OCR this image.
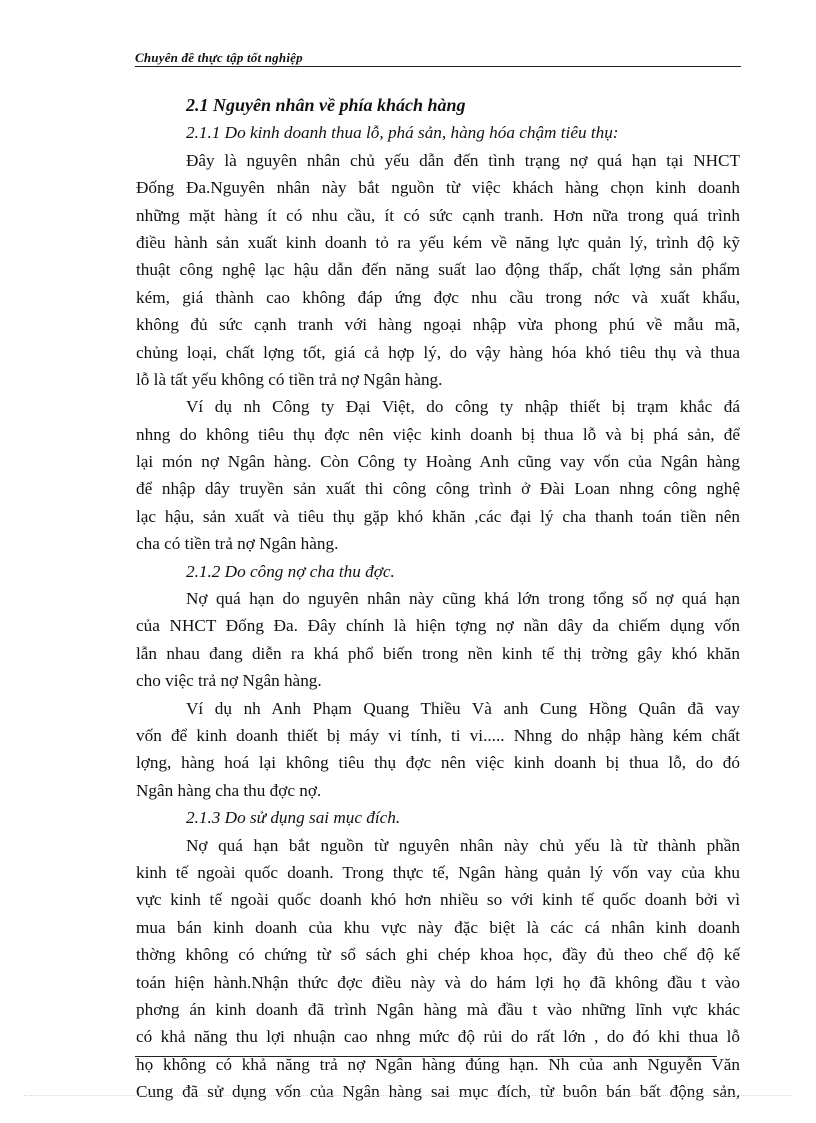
Chuyên đề thực tập tốt nghiệp
2.1 Nguyên nhân về phía khách hàng
2.1.1 Do kinh doanh thua lỗ, phá sản, hàng hóa chậm tiêu thụ:
Đây là nguyên nhân chủ yếu dẫn đến tình trạng nợ quá hạn tại NHCT
Đống Đa.Nguyên nhân này bắt nguồn từ việc khách hàng chọn kinh doanh
những mặt hàng ít có nhu cầu, ít có sức cạnh tranh. Hơn nữa trong quá trình
điều hành sản xuất kinh doanh tỏ ra yếu kém về năng lực quản lý, trình độ kỹ
thuật công nghệ lạc hậu dẫn đến năng suất lao động thấp, chất lợng sản phẩm
kém, giá thành cao không đáp ứng đợc nhu cầu trong nớc và xuất khẩu,
không đủ sức cạnh tranh với hàng ngoại nhập vừa phong phú về mẫu mã,
chủng loại, chất lợng tốt, giá cả hợp lý, do vậy hàng hóa khó tiêu thụ và thua
lỗ là tất yếu không có tiền trả nợ Ngân hàng.
Ví dụ nh Công ty Đại Việt, do công ty nhập thiết bị trạm khắc đá
nhng do không tiêu thụ đợc nên việc kinh doanh bị thua lỗ và bị phá sản, để
lại món nợ Ngân hàng. Còn Công ty Hoàng Anh cũng vay vốn của Ngân hàng
để nhập dây truyền sản xuất thi công công trình ở Đài Loan nhng công nghệ
lạc hậu, sản xuất và tiêu thụ gặp khó khăn ,các đại lý cha thanh toán tiền nên
cha có tiền trả nợ Ngân hàng.
2.1.2 Do công nợ cha thu đợc.
Nợ quá hạn do nguyên nhân này cũng khá lớn trong tổng số nợ quá hạn
của NHCT Đống Đa. Đây chính là hiện tợng nợ nần dây da chiếm dụng vốn
lẫn nhau đang diễn ra khá phổ biến trong nền kinh tế thị trờng gây khó khăn
cho việc trả nợ Ngân hàng.
Ví dụ nh Anh Phạm Quang Thiều Và anh Cung Hồng Quân đã vay
vốn để kinh doanh thiết bị máy vi tính, ti vi..... Nhng do nhập hàng kém chất
lợng, hàng hoá lại không tiêu thụ đợc nên việc kinh doanh bị thua lỗ, do đó
Ngân hàng cha thu đợc nợ.
2.1.3 Do sử dụng sai mục đích.
Nợ quá hạn bắt nguồn từ nguyên nhân này chủ yếu là từ thành phần
kinh tế ngoài quốc doanh. Trong thực tế, Ngân hàng quản lý vốn vay của khu
vực kinh tế ngoài quốc doanh khó hơn nhiều so với kinh tế quốc doanh bởi vì
mua bán kinh doanh của khu vực này đặc biệt là các cá nhân kinh doanh
thờng không có chứng từ sổ sách ghi chép khoa học, đầy đủ theo chế độ kế
toán hiện hành.Nhận thức đợc điều này và do hám lợi họ đã không đầu t vào
phơng án kinh doanh đã trình Ngân hàng mà đầu t vào những lĩnh vực khác
có khả năng thu lợi nhuận cao nhng mức độ rủi do rất lớn , do đó khi thua lỗ
họ không có khả năng trả nợ Ngân hàng đúng hạn. Nh của anh Nguyễn Văn
Cung đã sử dụng vốn của Ngân hàng sai mục đích, từ buôn bán bất động sản,
